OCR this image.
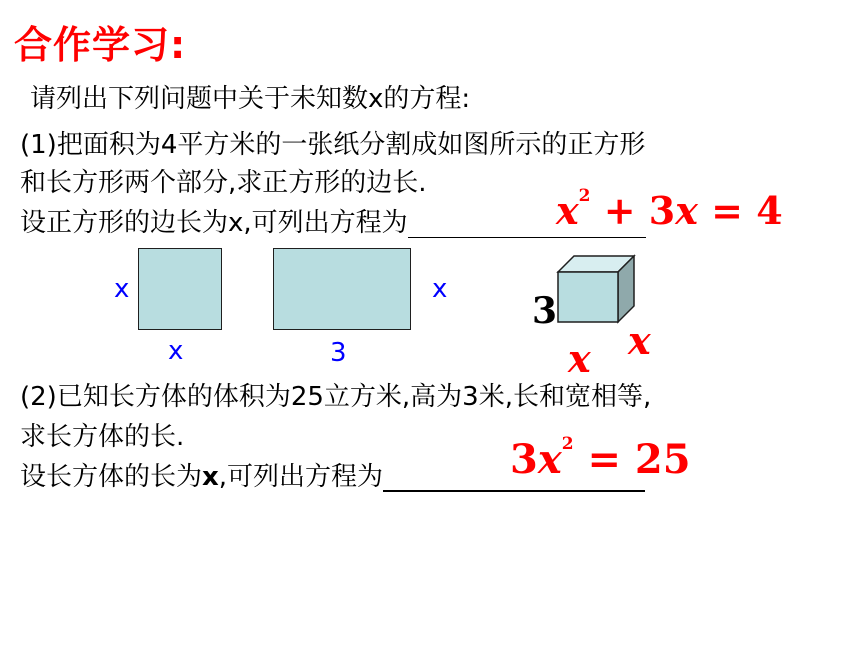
合作学习:
请列出下列问题中关于未知数x的方程:
(1)把面积为4平方米的一张纸分割成如图所示的正方形
和长方形两个部分,求正方形的边长.
设正方形的边长为x,可列出方程为	$x^2 + 3x = 4$
x
x	3
x
3
x
x
(2)已知长方体的体积为25立方米,高为3米,长和宽相等,
求长方体的长.
设长方体的长为x,可列出方程为	$3x^2 = 25$
